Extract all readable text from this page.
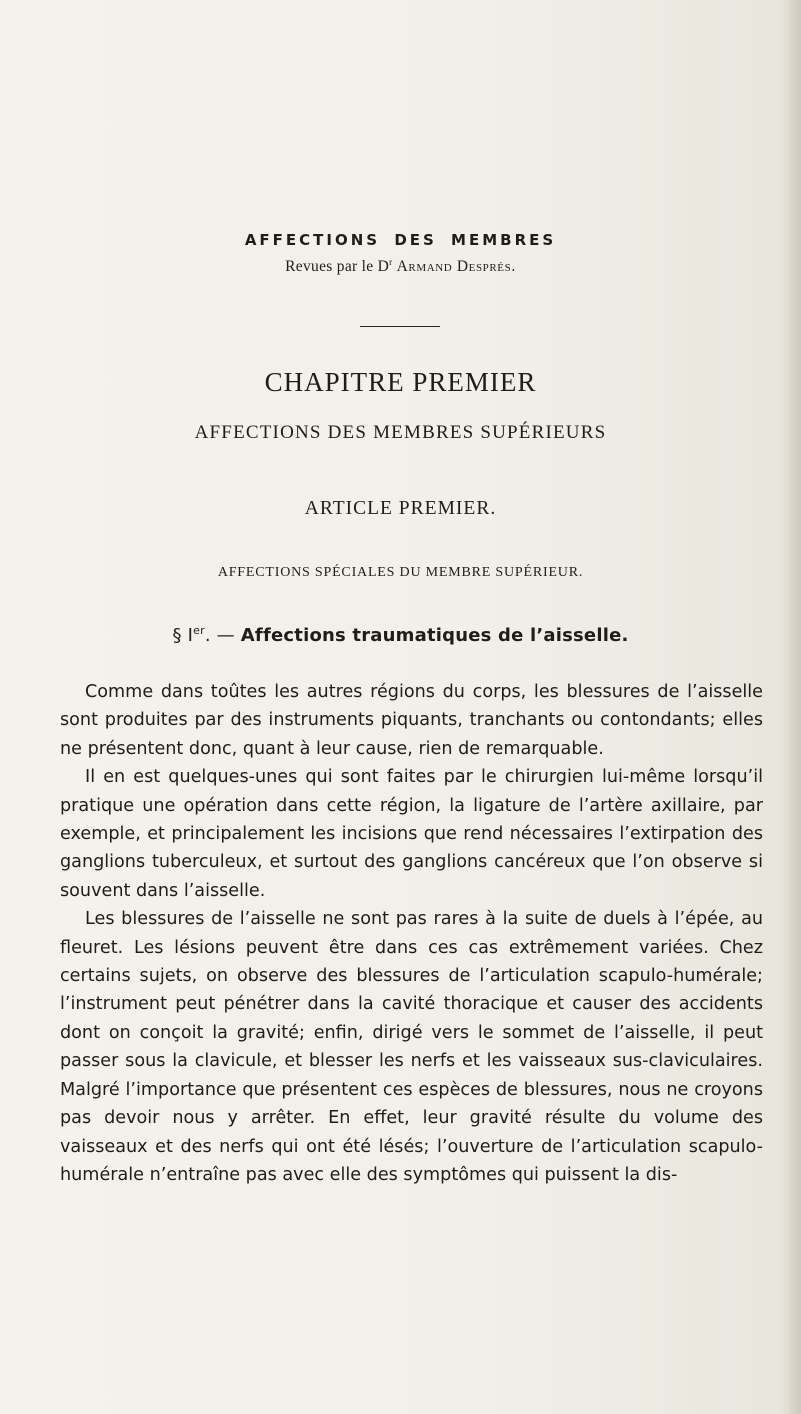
AFFECTIONS DES MEMBRES
Revues par le $D^r$ Armand Després.
CHAPITRE PREMIER
AFFECTIONS DES MEMBRES SUPÉRIEURS
ARTICLE PREMIER.
AFFECTIONS SPÉCIALES DU MEMBRE SUPÉRIEUR.
§ Ier. — Affections traumatiques de l’aisselle.

Comme dans toûtes les autres régions du corps, les blessures de l’aisselle sont produites par des instruments piquants, tranchants ou contondants; elles ne présentent donc, quant à leur cause, rien de remarquable.

Il en est quelques-unes qui sont faites par le chirurgien lui-même lorsqu’il pratique une opération dans cette région, la ligature de l’artère axillaire, par exemple, et principalement les incisions que rend nécessaires l’extirpation des ganglions tuberculeux, et surtout des ganglions cancéreux que l’on observe si souvent dans l’aisselle.

Les blessures de l’aisselle ne sont pas rares à la suite de duels à l’épée, au fleuret. Les lésions peuvent être dans ces cas extrêmement variées. Chez certains sujets, on observe des blessures de l’articulation scapulo-humérale; l’instrument peut pénétrer dans la cavité thoracique et causer des accidents dont on conçoit la gravité; enfin, dirigé vers le sommet de l’aisselle, il peut passer sous la clavicule, et blesser les nerfs et les vaisseaux sus-claviculaires. Malgré l’importance que présentent ces espèces de blessures, nous ne croyons pas devoir nous y arrêter. En effet, leur gravité résulte du volume des vaisseaux et des nerfs qui ont été lésés; l’ouverture de l’articulation scapulo-humérale n’entraîne pas avec elle des symptômes qui puissent la dis-
